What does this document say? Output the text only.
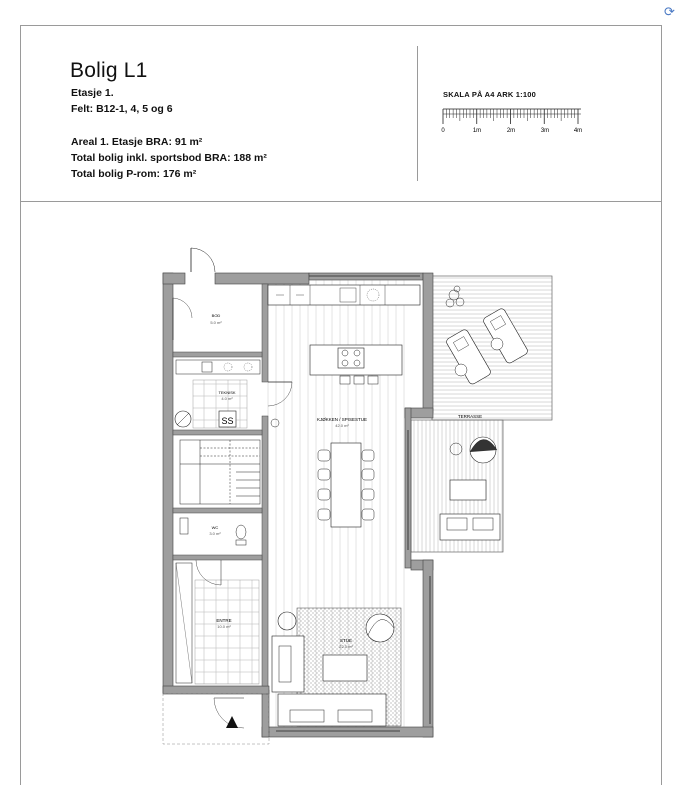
⟳
Bolig L1
Etasje 1.
Felt: B12-1, 4, 5 og 6
Areal 1. Etasje BRA: 91 m²
Total bolig inkl. sportsbod BRA: 188 m²
Total bolig P-rom: 176 m²
SKALA PÅ A4 ARK 1:100
0	1m	2m	3m	4m
TERRASSE
BOD
5.0 m²
TEKNISK
4.0 m²
SS
WC
3.0 m²
ENTRE
10.0 m²
KJØKKEN / SPISESTUE
42.0 m²
STUE
22.0 m²
